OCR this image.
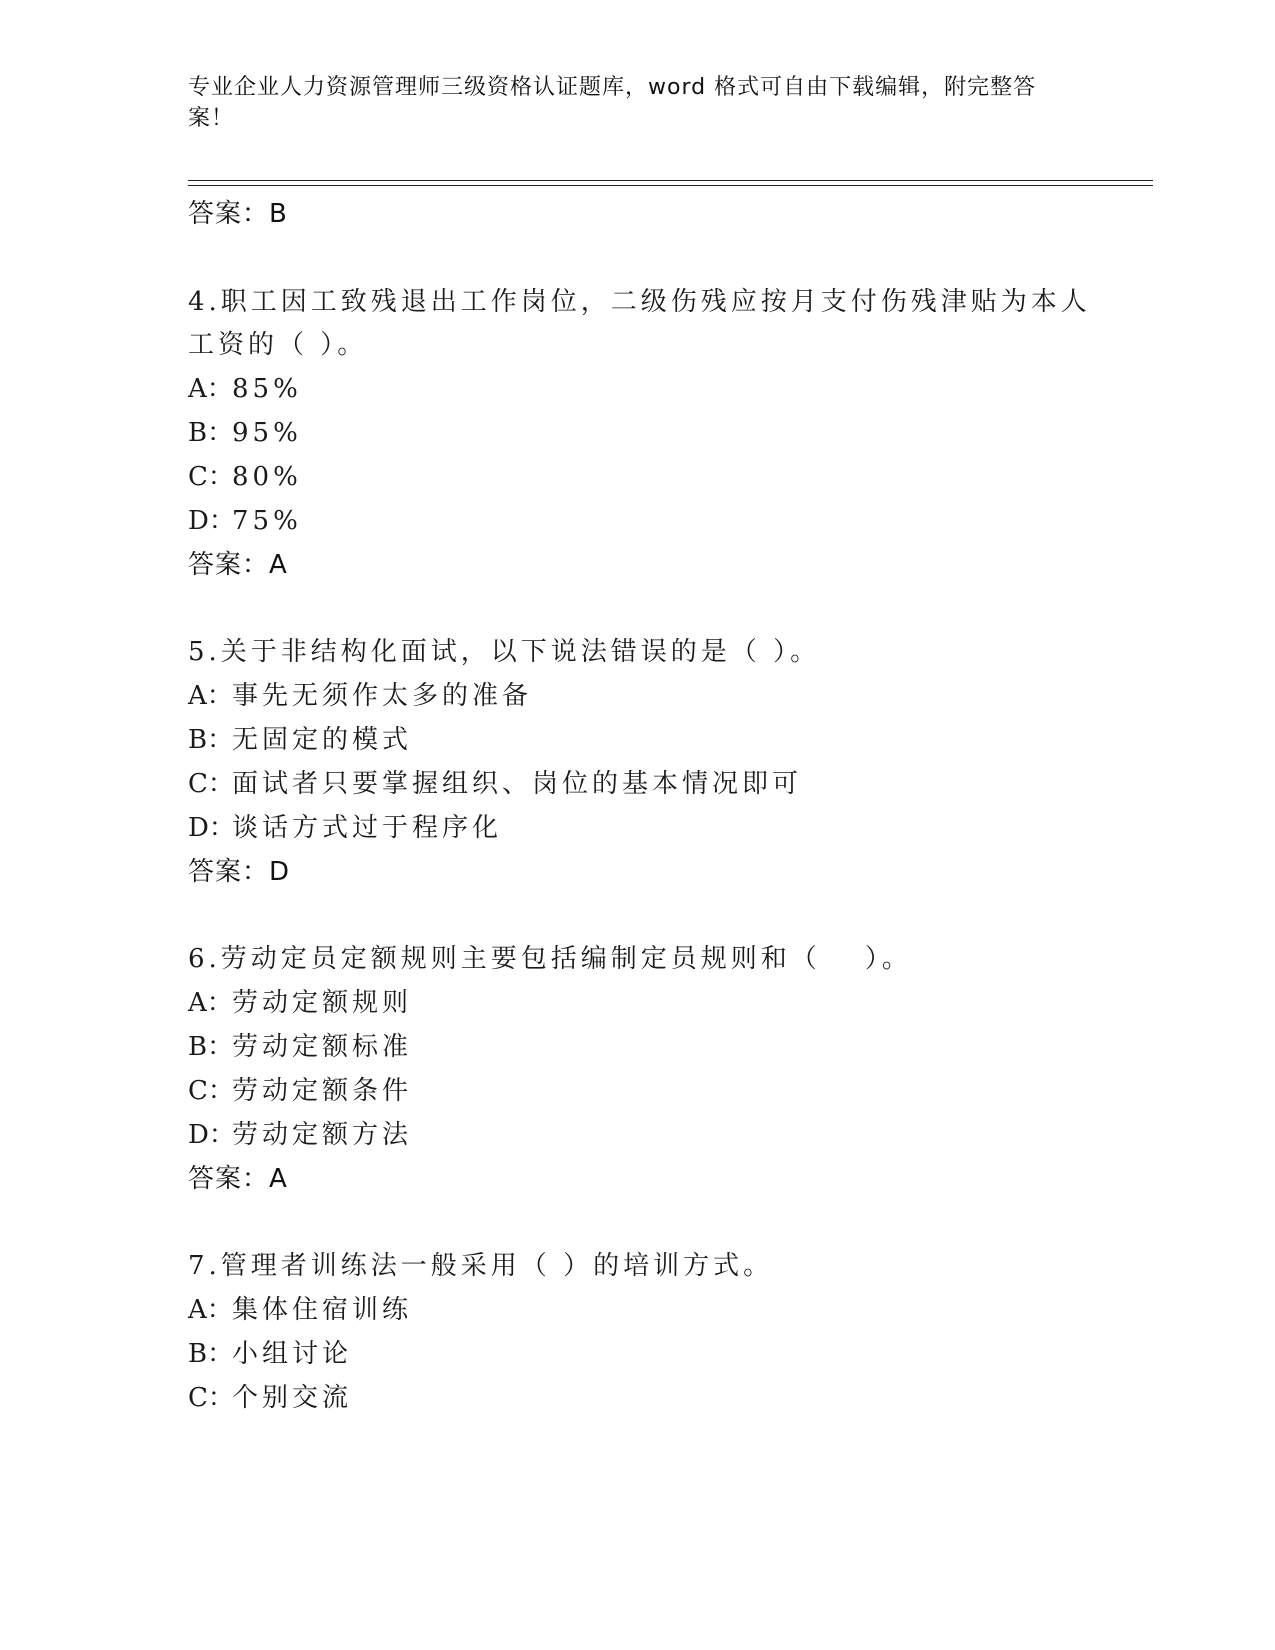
专业企业人力资源管理师三级资格认证题库，word 格式可自由下载编辑，附完整答案！
答案：B
4.职工因工致残退出工作岗位，二级伤残应按月支付伤残津贴为本人
工资的（ ）。
A：85%
B：95%
C：80%
D：75%
答案：A
5.关于非结构化面试，以下说法错误的是（ ）。
A：事先无须作太多的准备
B：无固定的模式
C：面试者只要掌握组织、岗位的基本情况即可
D：谈话方式过于程序化
答案：D
6.劳动定员定额规则主要包括编制定员规则和（ ）。
A：劳动定额规则
B：劳动定额标准
C：劳动定额条件
D：劳动定额方法
答案：A
7.管理者训练法一般采用（ ）的培训方式。
A：集体住宿训练
B：小组讨论
C：个别交流
